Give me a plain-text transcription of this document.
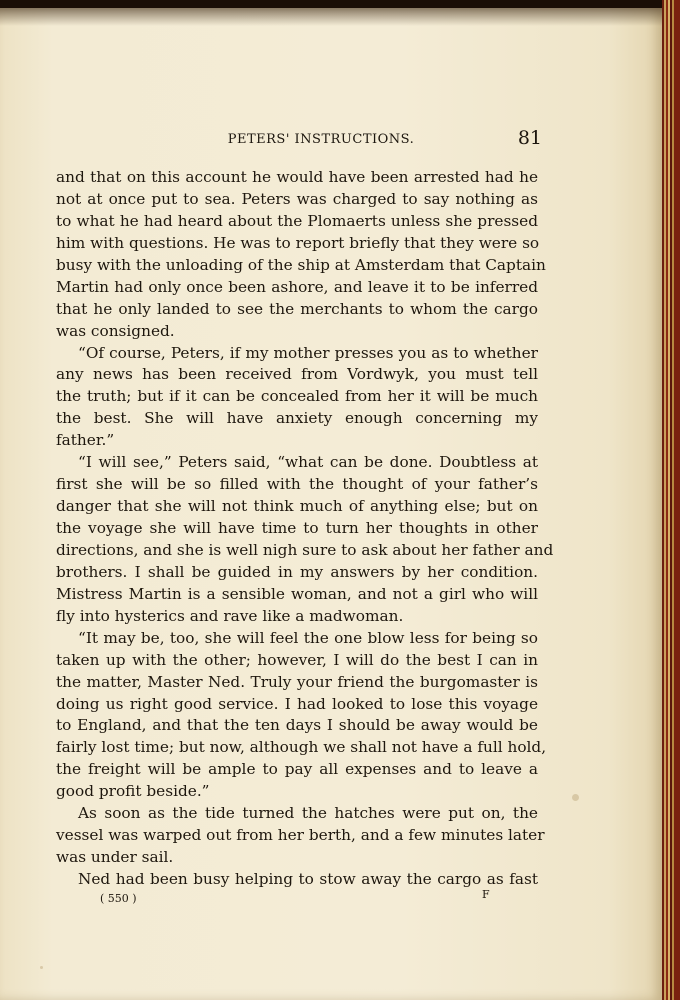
PETERS' INSTRUCTIONS.	81
and that on this account he would have been arrested had he
not at once put to sea. Peters was charged to say nothing as
to what he had heard about the Plomaerts unless she pressed
him with questions. He was to report briefly that they were so
busy with the unloading of the ship at Amsterdam that Captain
Martin had only once been ashore, and leave it to be inferred
that he only landed to see the merchants to whom the cargo
was consigned.
“Of course, Peters, if my mother presses you as to whether
any news has been received from Vordwyk, you must tell
the truth; but if it can be concealed from her it will be much
the best. She will have anxiety enough concerning my
father.”
“I will see,” Peters said, “what can be done. Doubtless at
first she will be so filled with the thought of your father’s
danger that she will not think much of anything else; but on
the voyage she will have time to turn her thoughts in other
directions, and she is well nigh sure to ask about her father and
brothers. I shall be guided in my answers by her condition.
Mistress Martin is a sensible woman, and not a girl who will
fly into hysterics and rave like a madwoman.
“It may be, too, she will feel the one blow less for being so
taken up with the other; however, I will do the best I can in
the matter, Master Ned. Truly your friend the burgomaster is
doing us right good service. I had looked to lose this voyage
to England, and that the ten days I should be away would be
fairly lost time; but now, although we shall not have a full hold,
the freight will be ample to pay all expenses and to leave a
good profit beside.”
As soon as the tide turned the hatches were put on, the
vessel was warped out from her berth, and a few minutes later
was under sail.
Ned had been busy helping to stow away the cargo as fast
( 550 )	F
